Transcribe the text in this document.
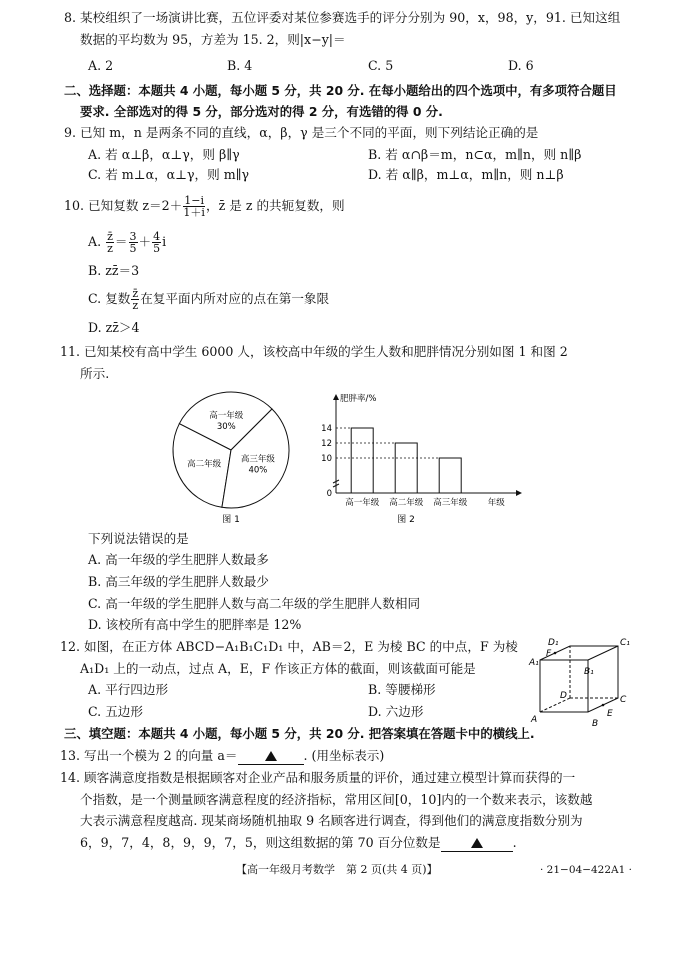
8. 某校组织了一场演讲比赛，五位评委对某位参赛选手的评分分别为 90，x，98，y，91. 已知这组
数据的平均数为 95，方差为 15. 2，则|x−y|＝
A. 2	B. 4	C. 5	D. 6
二、选择题：本题共 4 小题，每小题 5 分，共 20 分. 在每小题给出的四个选项中，有多项符合题目
要求. 全部选对的得 5 分，部分选对的得 2 分，有选错的得 0 分.
9. 已知 m，n 是两条不同的直线，α，β，γ 是三个不同的平面，则下列结论正确的是
A. 若 α⊥β，α⊥γ，则 β∥γ	B. 若 α∩β＝m，n⊂α，m∥n，则 n∥β
C. 若 m⊥α，α⊥γ，则 m∥γ	D. 若 α∥β，m⊥α，m∥n，则 n⊥β
10. 已知复数 $z=2+ \frac{1-i}{1+i}$ ，z̄ 是 z 的共轭复数，则
A. $\frac{z̄}{z} = \frac{3}{5} + \frac{4}{5}$ i
B. zz̄＝3
C. 复数 $\frac{z̄}{z}$ 在复平面内所对应的点在第一象限
D. zz̄＞4
11. 已知某校有高中学生 6000 人，该校高中年级的学生人数和肥胖情况分别如图 1 和图 2
所示.
高一年级
30%
高二年级 高三年级
40%
图 1
肥胖率/%
高一年级 高二年级 高三年级 年级
0
10
12
14
图 2
下列说法错误的是
A. 高一年级的学生肥胖人数最多
B. 高三年级的学生肥胖人数最少
C. 高一年级的学生肥胖人数与高二年级的学生肥胖人数相同
D. 该校所有高中学生的肥胖率是 12%
12. 如图，在正方体 ABCD−A₁B₁C₁D₁ 中，AB＝2，E 为棱 BC 的中点，F 为棱
A₁D₁ 上的一动点，过点 A，E，F 作该正方体的截面，则该截面可能是
A. 平行四边形	B. 等腰梯形
C. 五边形	D. 六边形
D₁	C₁
A₁
B₁
F
D	C
E
A	B
三、填空题：本题共 4 小题，每小题 5 分，共 20 分. 把答案填在答题卡中的横线上.
13. 写出一个模为 2 的向量 a＝	. (用坐标表示)
14. 顾客满意度指数是根据顾客对企业产品和服务质量的评价，通过建立模型计算而获得的一
个指数，是一个测量顾客满意程度的经济指标，常用区间[0，10]内的一个数来表示，该数越
大表示满意程度越高. 现某商场随机抽取 9 名顾客进行调查，得到他们的满意度指数分别为
6，9，7，4，8，9，9，7，5，则这组数据的第 70 百分位数是	.
【高一年级月考数学　第 2 页(共 4 页)】	· 21−04−422A1 ·
